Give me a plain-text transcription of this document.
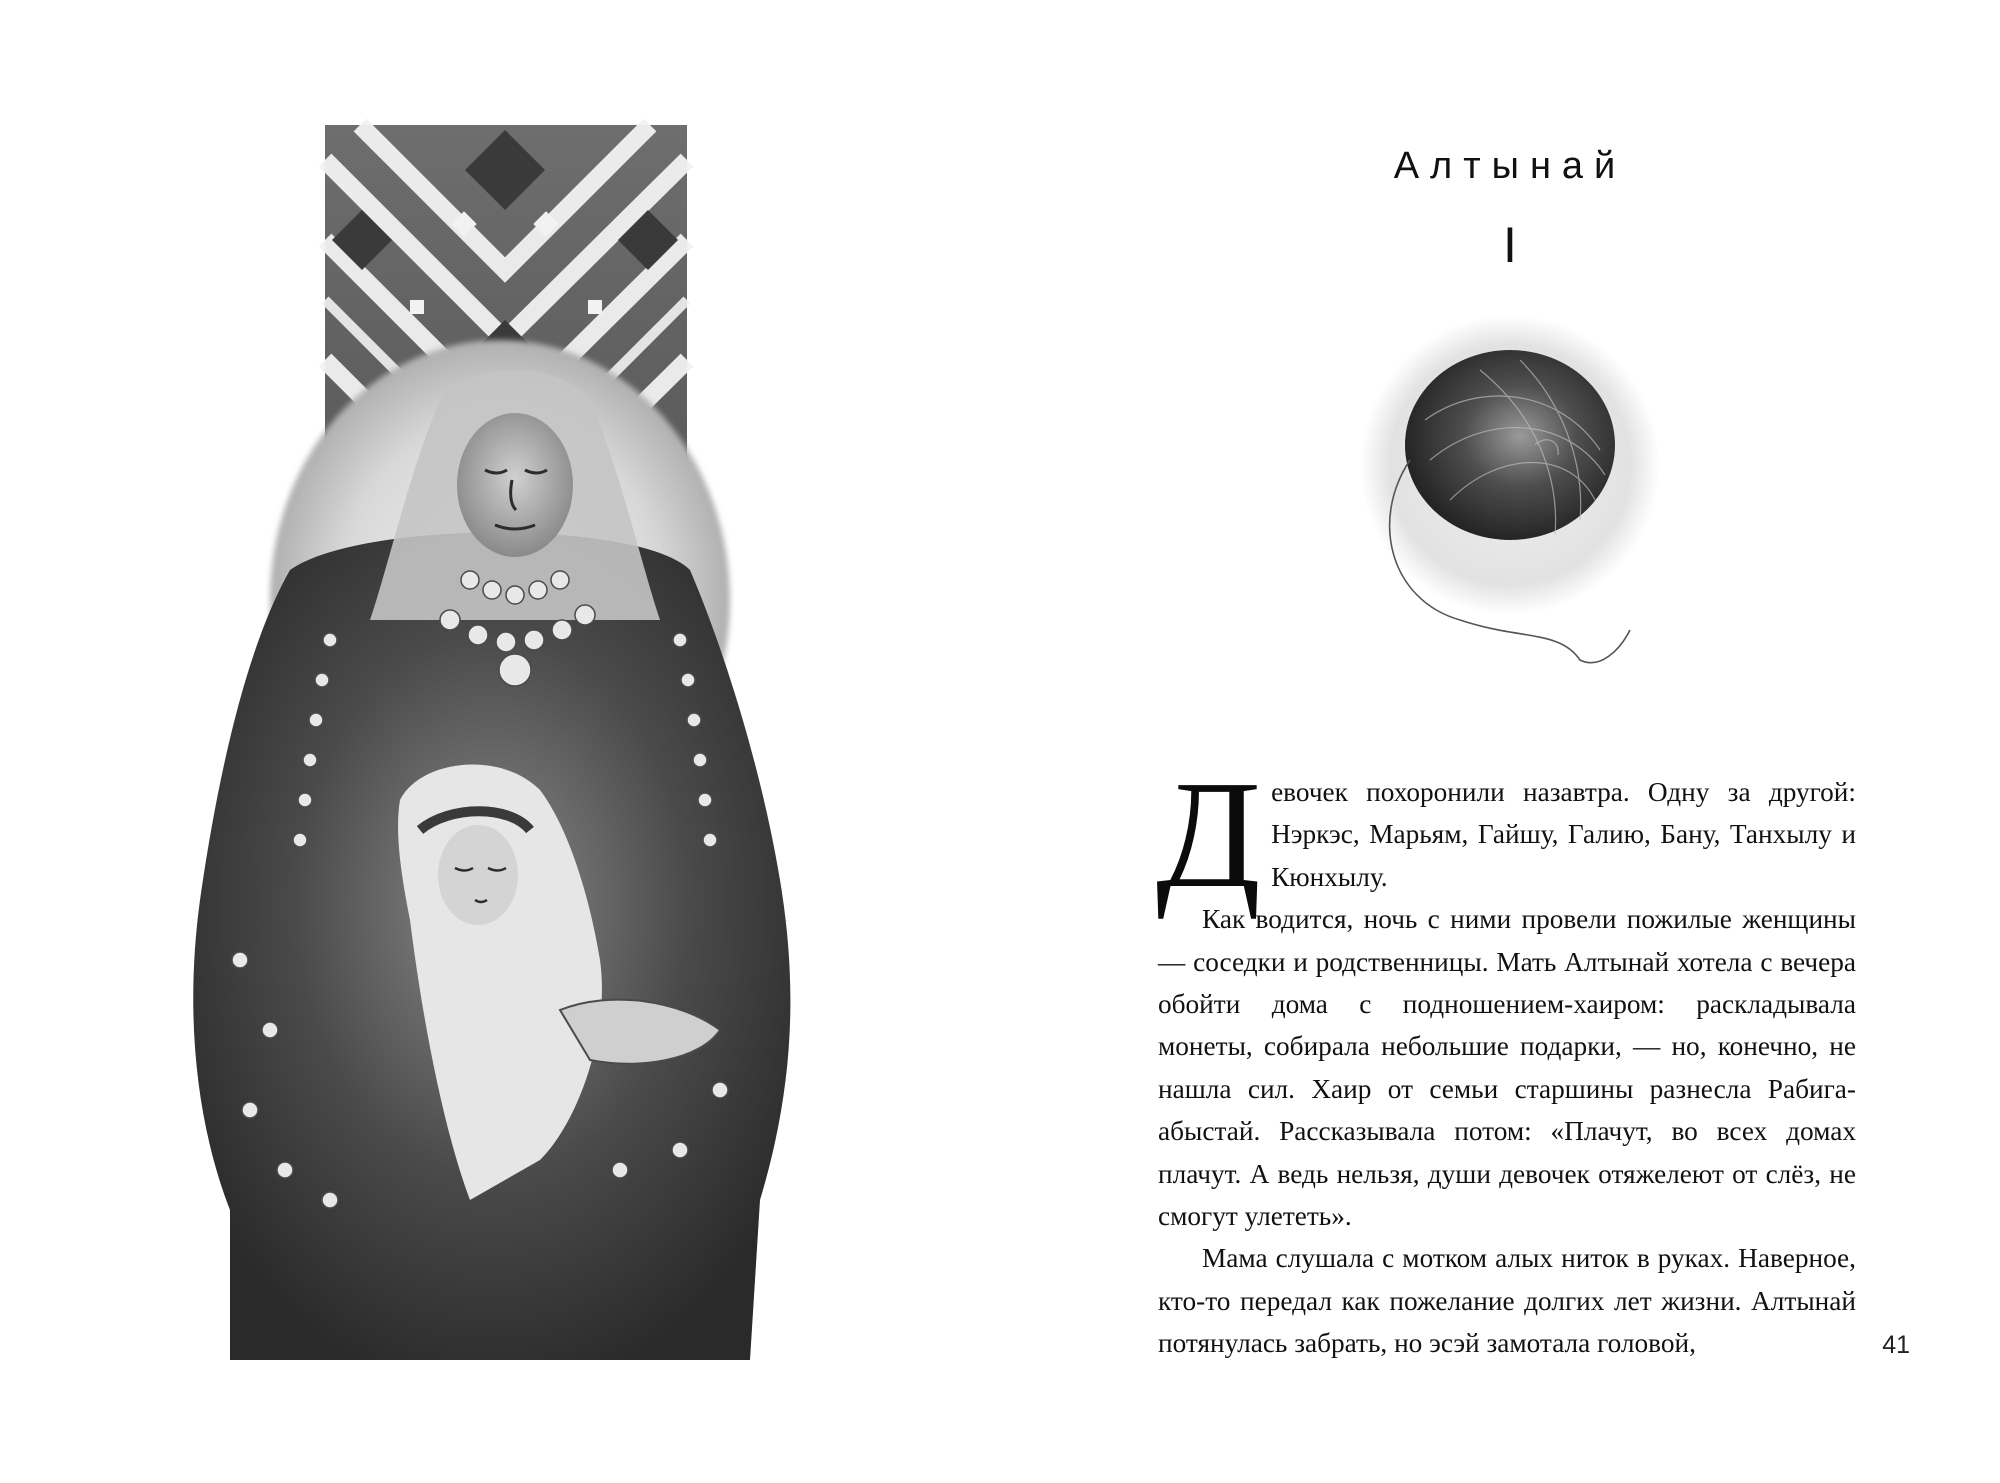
Алтынай
I

Девочек похоронили назавтра. Одну за другой: Нэркэс, Марьям, Гайшу, Галию, Бану, Танхылу и Кюнхылу.

Как водится, ночь с ними провели пожилые женщины — соседки и родственницы. Мать Алтынай хотела с вечера обойти дома с подношением-хаиром: раскладывала монеты, собирала небольшие подарки, — но, конечно, не нашла сил. Хаир от семьи старшины разнесла Рабига-абыстай. Рассказывала потом: «Плачут, во всех домах плачут. А ведь нельзя, души девочек отяжелеют от слёз, не смогут улететь».

Мама слушала с мотком алых ниток в руках. Наверное, кто-то передал как пожелание долгих лет жизни. Алтынай потянулась забрать, но эсэй замотала головой,	41
